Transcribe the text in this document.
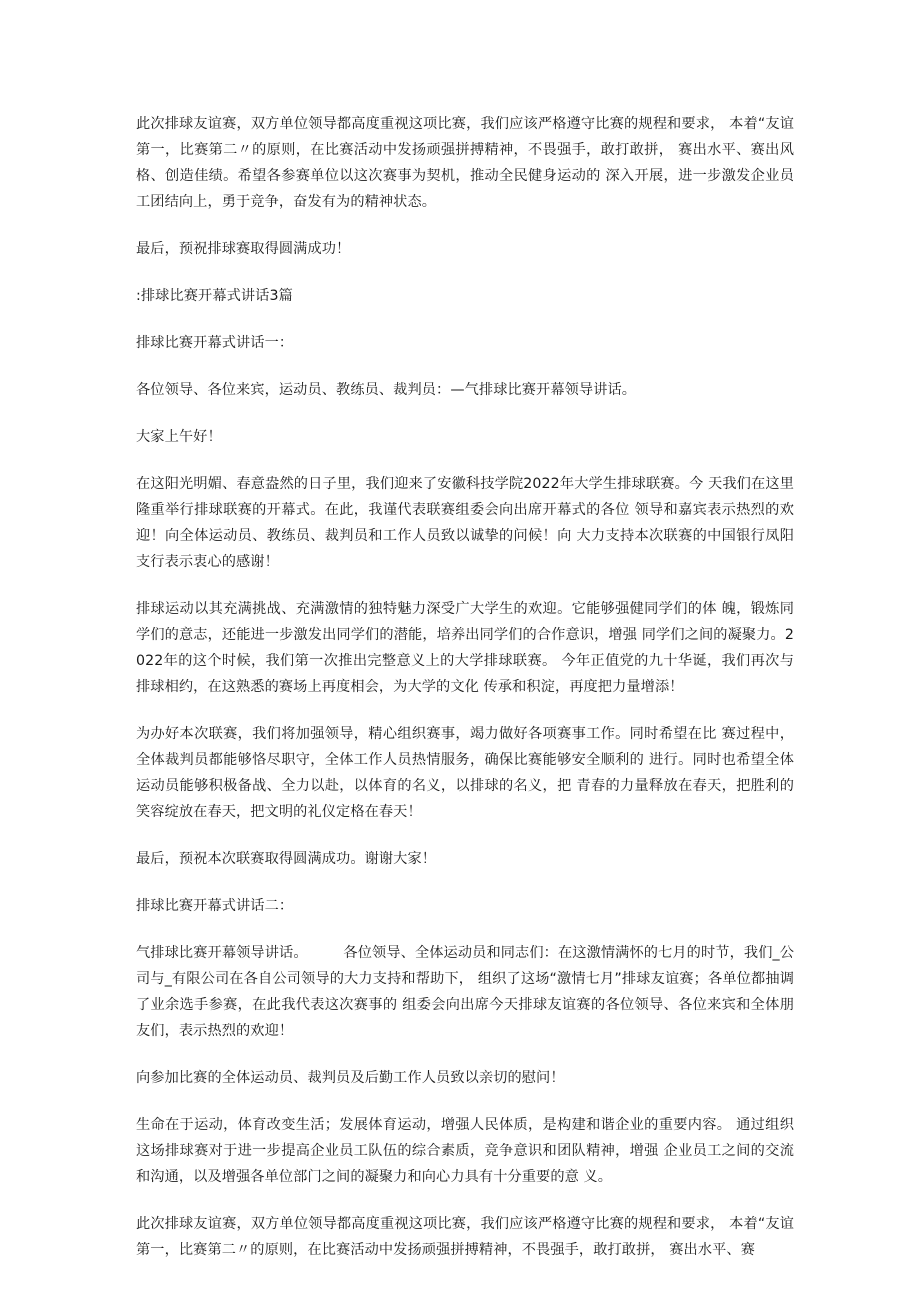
此次排球友谊赛，双方单位领导都高度重视这项比赛，我们应该严格遵守比赛的规程和要求， 本着“友谊第一，比赛第二〃的原则，在比赛活动中发扬顽强拼搏精神，不畏强手，敢打敢拼， 赛出水平、赛出风格、创造佳绩。希望各参赛单位以这次赛事为契机，推动全民健身运动的 深入开展，进一步激发企业员工团结向上，勇于竞争，奋发有为的精神状态。

最后，预祝排球赛取得圆满成功！

:排球比赛开幕式讲话3篇

排球比赛开幕式讲话一：

各位领导、各位来宾，运动员、教练员、裁判员：—气排球比赛开幕领导讲话。

大家上午好！

在这阳光明媚、春意盎然的日子里，我们迎来了安徽科技学院2022年大学生排球联赛。今 天我们在这里隆重举行排球联赛的开幕式。在此，我谨代表联赛组委会向出席开幕式的各位 领导和嘉宾表示热烈的欢迎！向全体运动员、教练员、裁判员和工作人员致以诚挚的问候！向 大力支持本次联赛的中国银行凤阳支行表示衷心的感谢！

排球运动以其充满挑战、充满激情的独特魅力深受广大学生的欢迎。它能够强健同学们的体 魄，锻炼同学们的意志，还能进一步激发出同学们的潜能，培养出同学们的合作意识，增强 同学们之间的凝聚力。2022年的这个时候，我们第一次推出完整意义上的大学排球联赛。 今年正值党的九十华诞，我们再次与排球相约，在这熟悉的赛场上再度相会，为大学的文化 传承和积淀，再度把力量增添！

为办好本次联赛，我们将加强领导，精心组织赛事，竭力做好各项赛事工作。同时希望在比 赛过程中，全体裁判员都能够恪尽职守，全体工作人员热情服务，确保比赛能够安全顺利的 进行。同时也希望全体运动员能够积极备战、全力以赴，以体育的名义，以排球的名义，把 青春的力量释放在春天，把胜利的笑容绽放在春天，把文明的礼仪定格在春天！

最后，预祝本次联赛取得圆满成功。谢谢大家！

排球比赛开幕式讲话二：

气排球比赛开幕领导讲话。　　　各位领导、全体运动员和同志们：在这激情满怀的七月的时节，我们_公司与_有限公司在各自公司领导的大力支持和帮助下， 组织了这场“激情七月”排球友谊赛；各单位都抽调了业余选手参赛，在此我代表这次赛事的 组委会向出席今天排球友谊赛的各位领导、各位来宾和全体朋友们，表示热烈的欢迎！

向参加比赛的全体运动员、裁判员及后勤工作人员致以亲切的慰问！

生命在于运动，体育改变生活；发展体育运动，增强人民体质，是构建和谐企业的重要内容。 通过组织这场排球赛对于进一步提高企业员工队伍的综合素质，竞争意识和团队精神，增强 企业员工之间的交流和沟通，以及增强各单位部门之间的凝聚力和向心力具有十分重要的意 义。

此次排球友谊赛，双方单位领导都高度重视这项比赛，我们应该严格遵守比赛的规程和要求， 本着“友谊第一，比赛第二〃的原则，在比赛活动中发扬顽强拼搏精神，不畏强手，敢打敢拼， 赛出水平、赛
